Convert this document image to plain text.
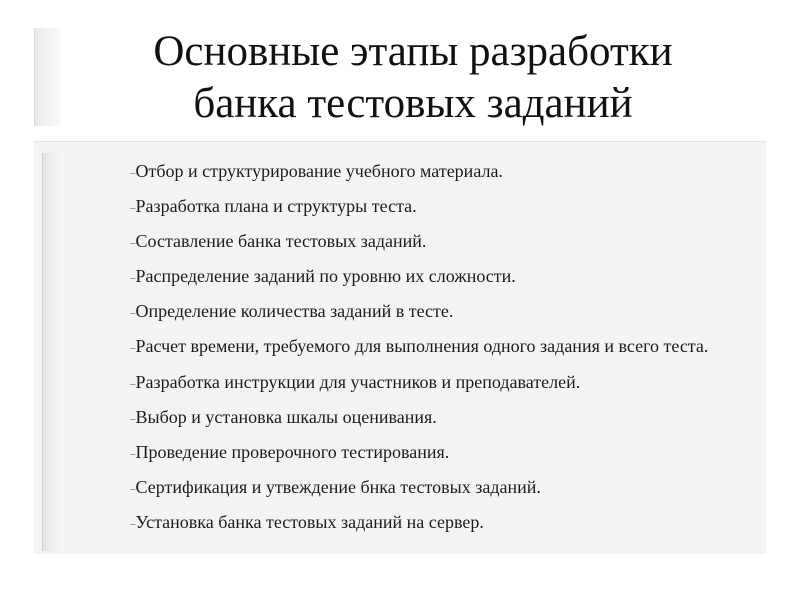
Основные этапы разработки
банка тестовых заданий
–Отбор и структурирование учебного материала.
–Разработка плана и структуры теста.
–Составление банка тестовых заданий.
–Распределение заданий по уровню их сложности.
–Определение количества заданий в тесте.
–Расчет времени, требуемого для выполнения одного задания и всего теста.
–Разработка инструкции для участников и преподавателей.
–Выбор и установка шкалы оценивания.
–Проведение проверочного тестирования.
–Сертификация и утвеждение бнка тестовых заданий.
–Установка банка тестовых заданий на сервер.
